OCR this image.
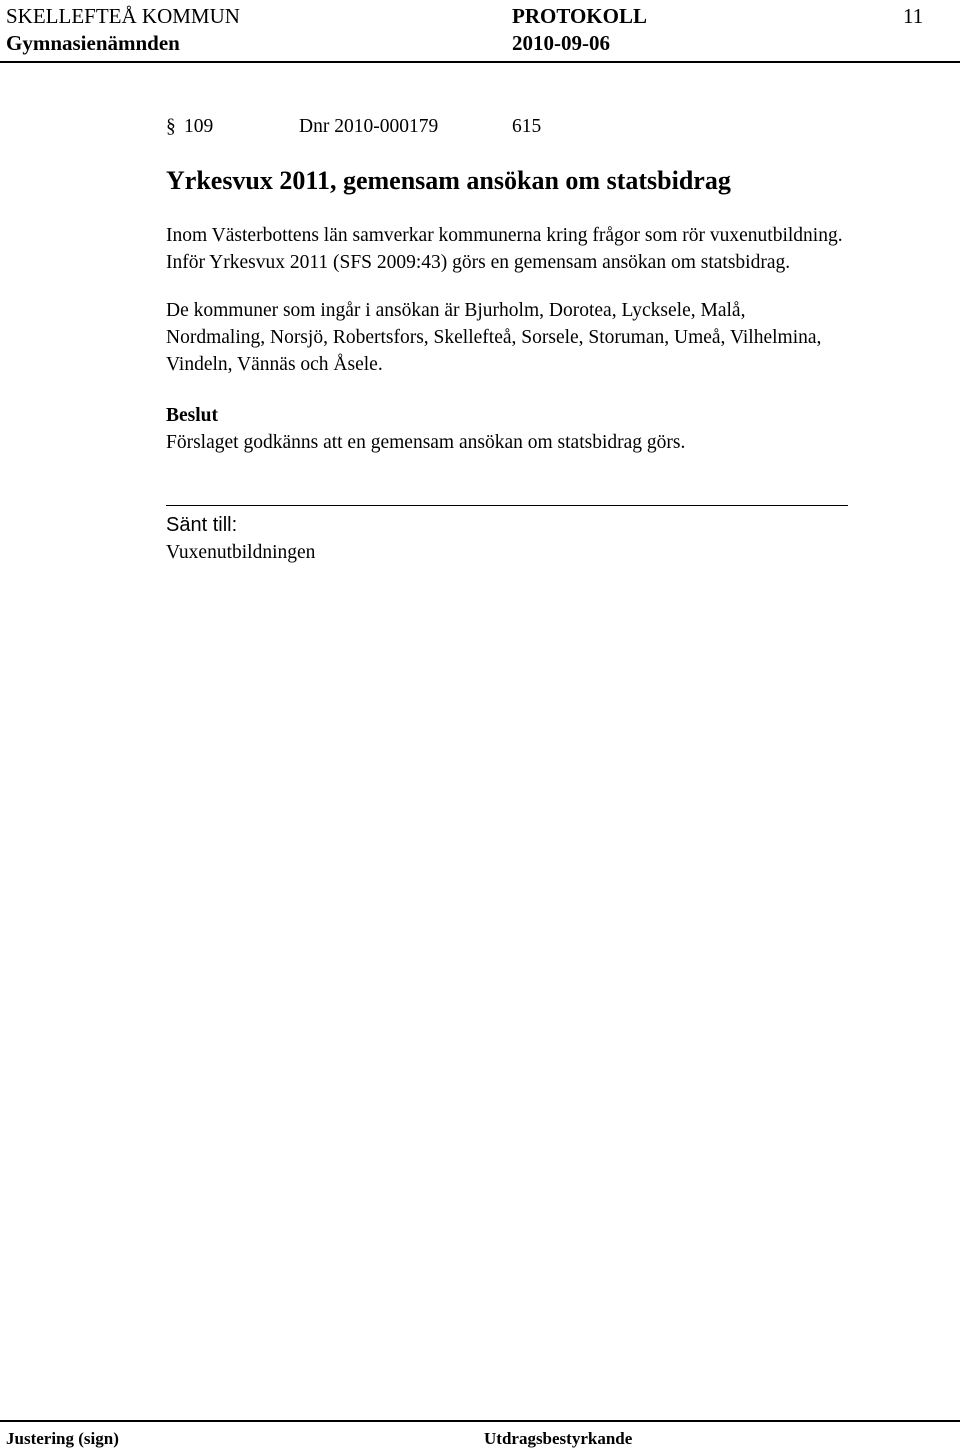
SKELLEFTEÅ KOMMUN	PROTOKOLL	11
Gymnasienämnden	2010-09-06
§ 109	Dnr 2010-000179	615
Yrkesvux 2011, gemensam ansökan om statsbidrag
Inom Västerbottens län samverkar kommunerna kring frågor som rör vuxenutbildning.
Inför Yrkesvux 2011 (SFS 2009:43) görs en gemensam ansökan om statsbidrag.
De kommuner som ingår i ansökan är Bjurholm, Dorotea, Lycksele, Malå,
Nordmaling, Norsjö, Robertsfors, Skellefteå, Sorsele, Storuman, Umeå, Vilhelmina,
Vindeln, Vännäs och Åsele.
Beslut
Förslaget godkänns att en gemensam ansökan om statsbidrag görs.
Sänt till:
Vuxenutbildningen
Justering (sign)	Utdragsbestyrkande
